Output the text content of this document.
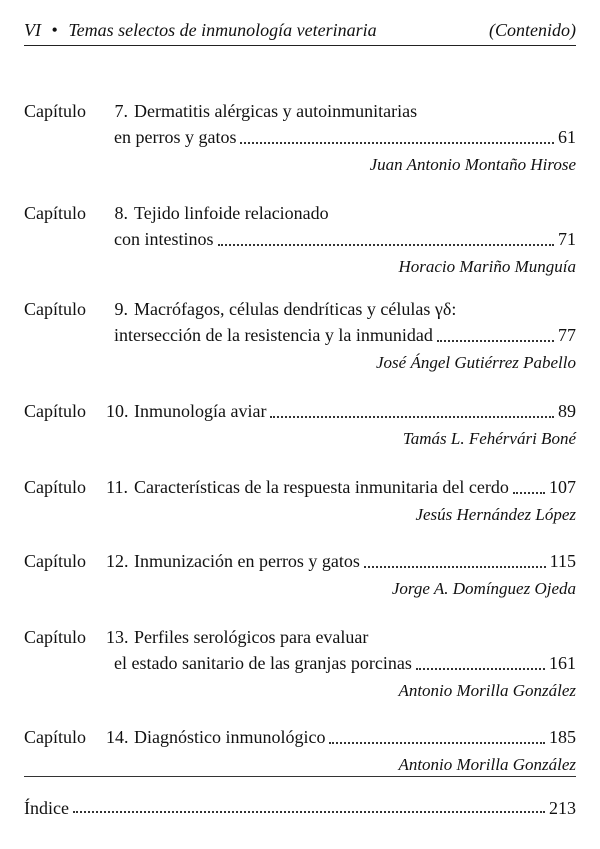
VI • Temas selectos de inmunología veterinaria	(Contenido)
Capítulo	7. Dermatitis alérgicas y autoinmunitarias
en perros y gatos	61
Juan Antonio Montaño Hirose
Capítulo	8. Tejido linfoide relacionado
con intestinos	71
Horacio Mariño Munguía
Capítulo	9. Macrófagos, células dendríticas y células γδ:
intersección de la resistencia y la inmunidad	77
José Ángel Gutiérrez Pabello
Capítulo	10. Inmunología aviar	89
Tamás L. Fehérvári Boné
Capítulo	11. Características de la respuesta inmunitaria del cerdo 107
Jesús Hernández López
Capítulo	12. Inmunización en perros y gatos	115
Jorge A. Domínguez Ojeda
Capítulo	13. Perfiles serológicos para evaluar
el estado sanitario de las granjas porcinas	161
Antonio Morilla González
Capítulo	14. Diagnóstico inmunológico	185
Antonio Morilla González
Índice	213
